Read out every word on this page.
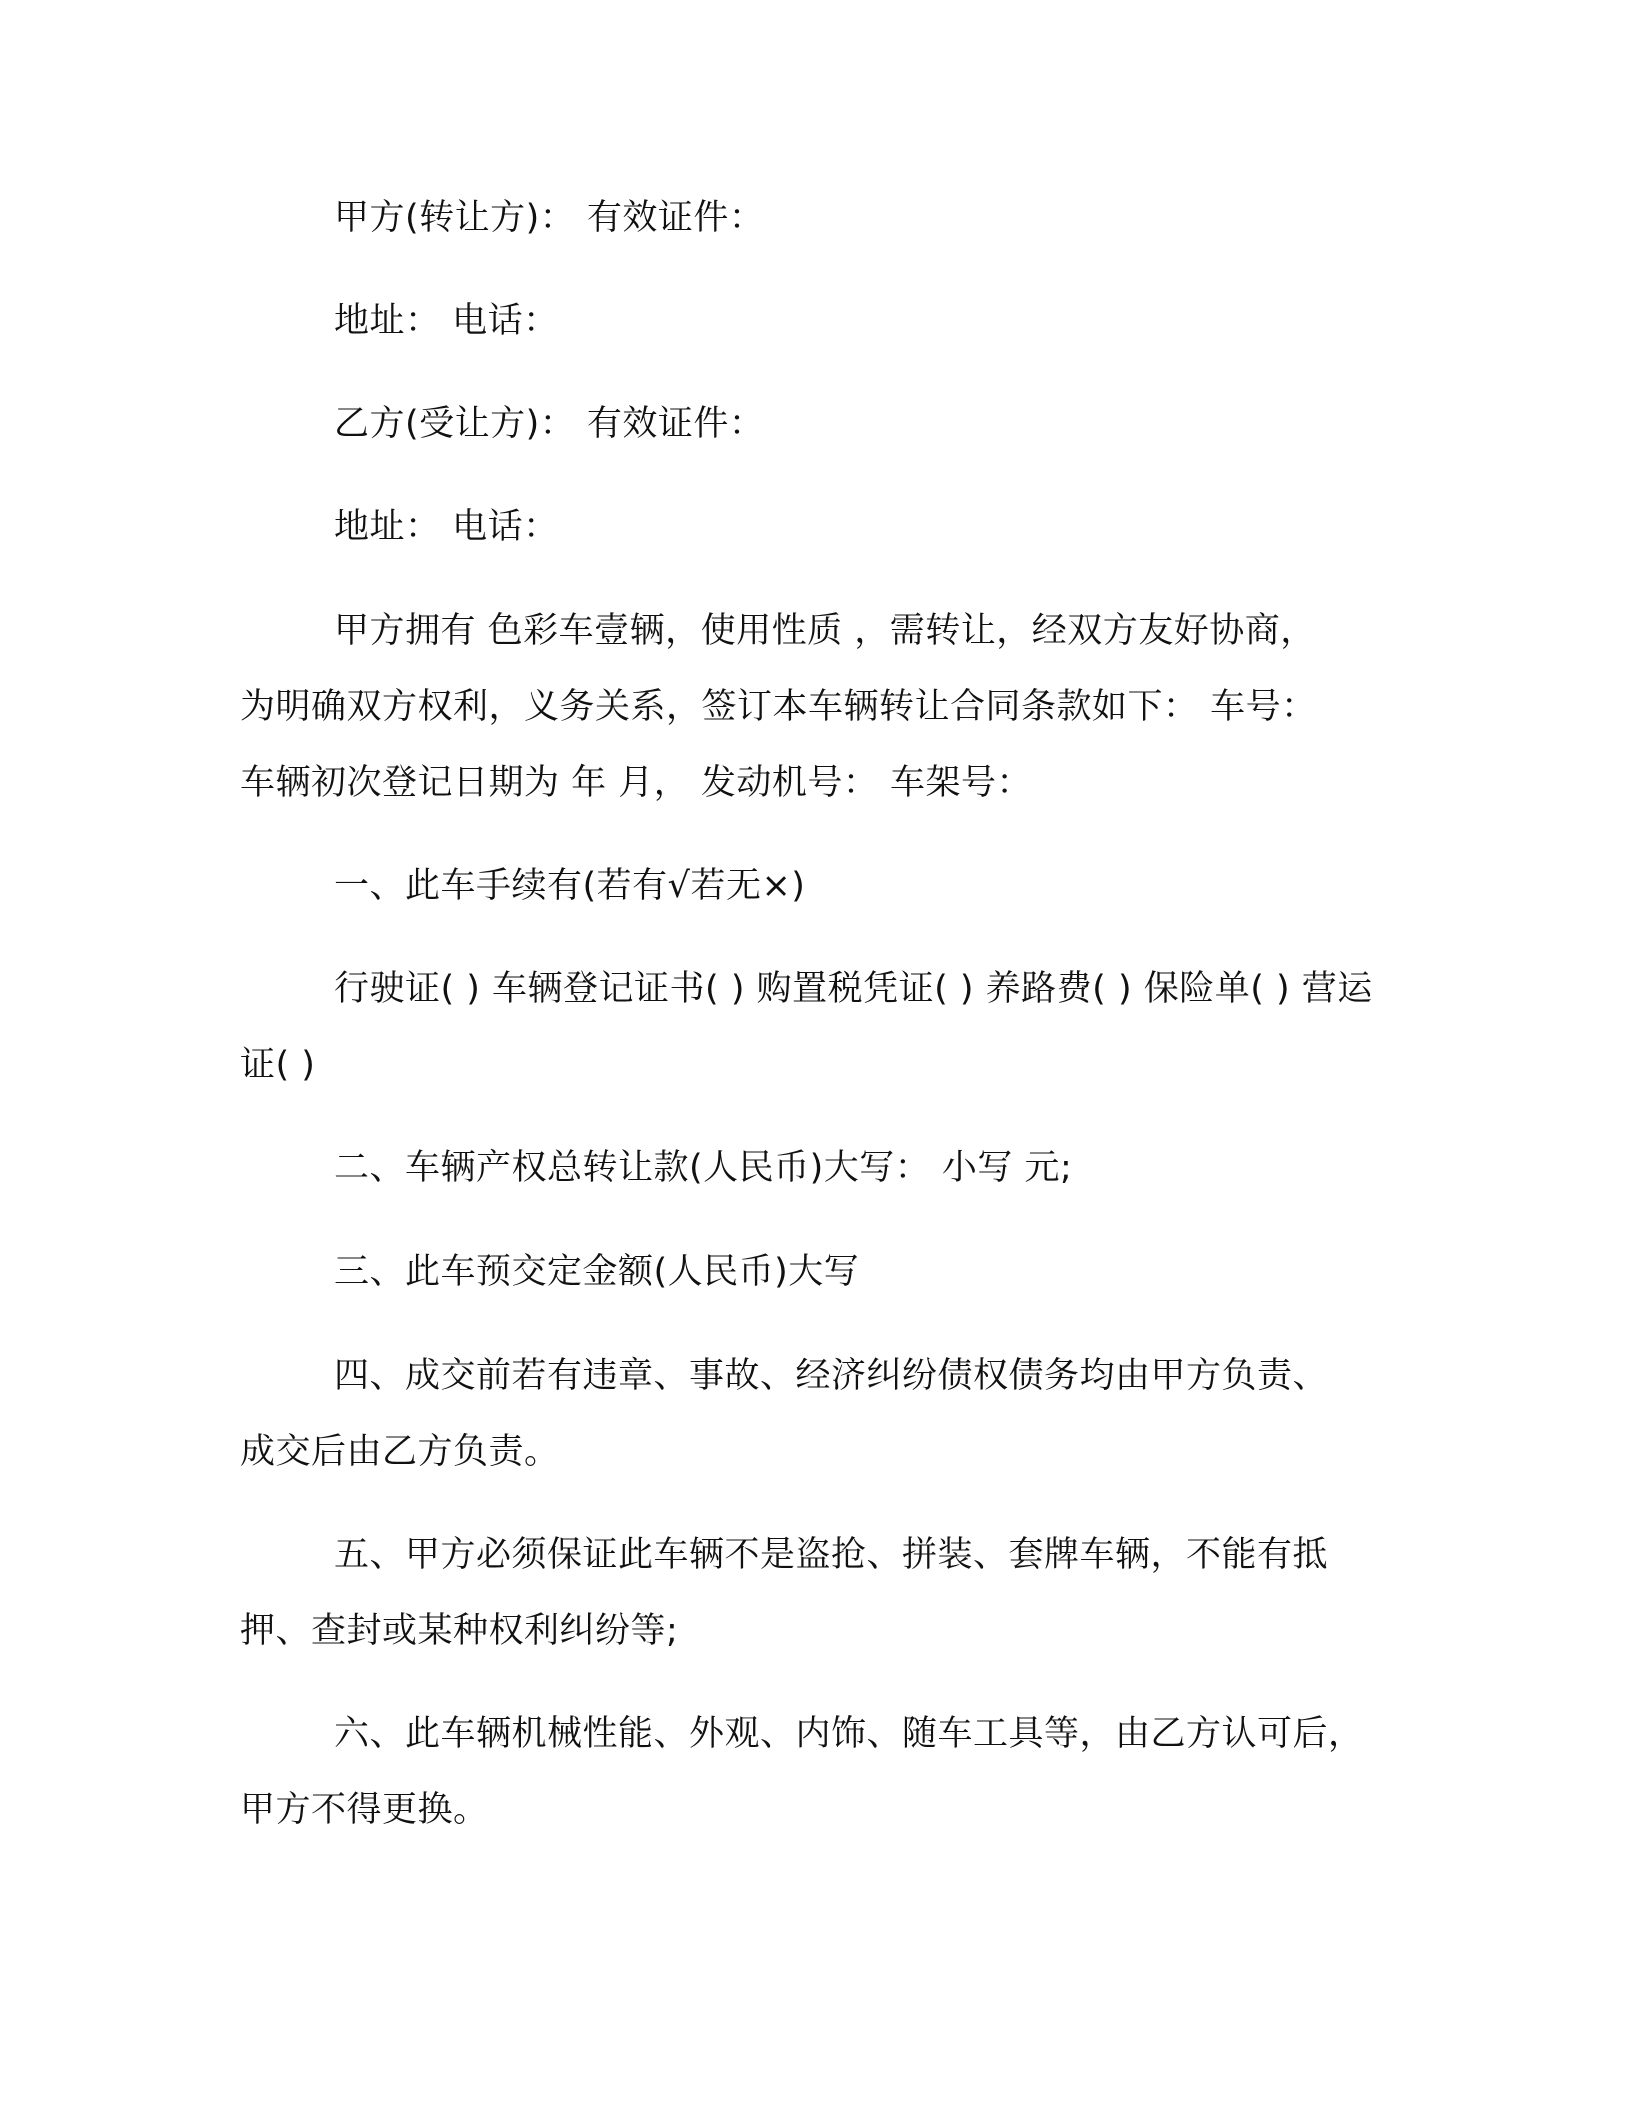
甲方(转让方)： 有效证件：

地址： 电话：

乙方(受让方)： 有效证件：

地址： 电话：

甲方拥有 色彩车壹辆，使用性质 ，需转让，经双方友好协商，

为明确双方权利，义务关系，签订本车辆转让合同条款如下： 车号：

车辆初次登记日期为 年 月， 发动机号： 车架号：

一、此车手续有(若有√若无×)

行驶证( ) 车辆登记证书( ) 购置税凭证( ) 养路费( ) 保险单( ) 营运

证( )

二、车辆产权总转让款(人民币)大写： 小写 元;

三、此车预交定金额(人民币)大写

四、成交前若有违章、事故、经济纠纷债权债务均由甲方负责、

成交后由乙方负责。

五、甲方必须保证此车辆不是盗抢、拼装、套牌车辆，不能有抵

押、查封或某种权利纠纷等;

六、此车辆机械性能、外观、内饰、随车工具等，由乙方认可后，

甲方不得更换。
